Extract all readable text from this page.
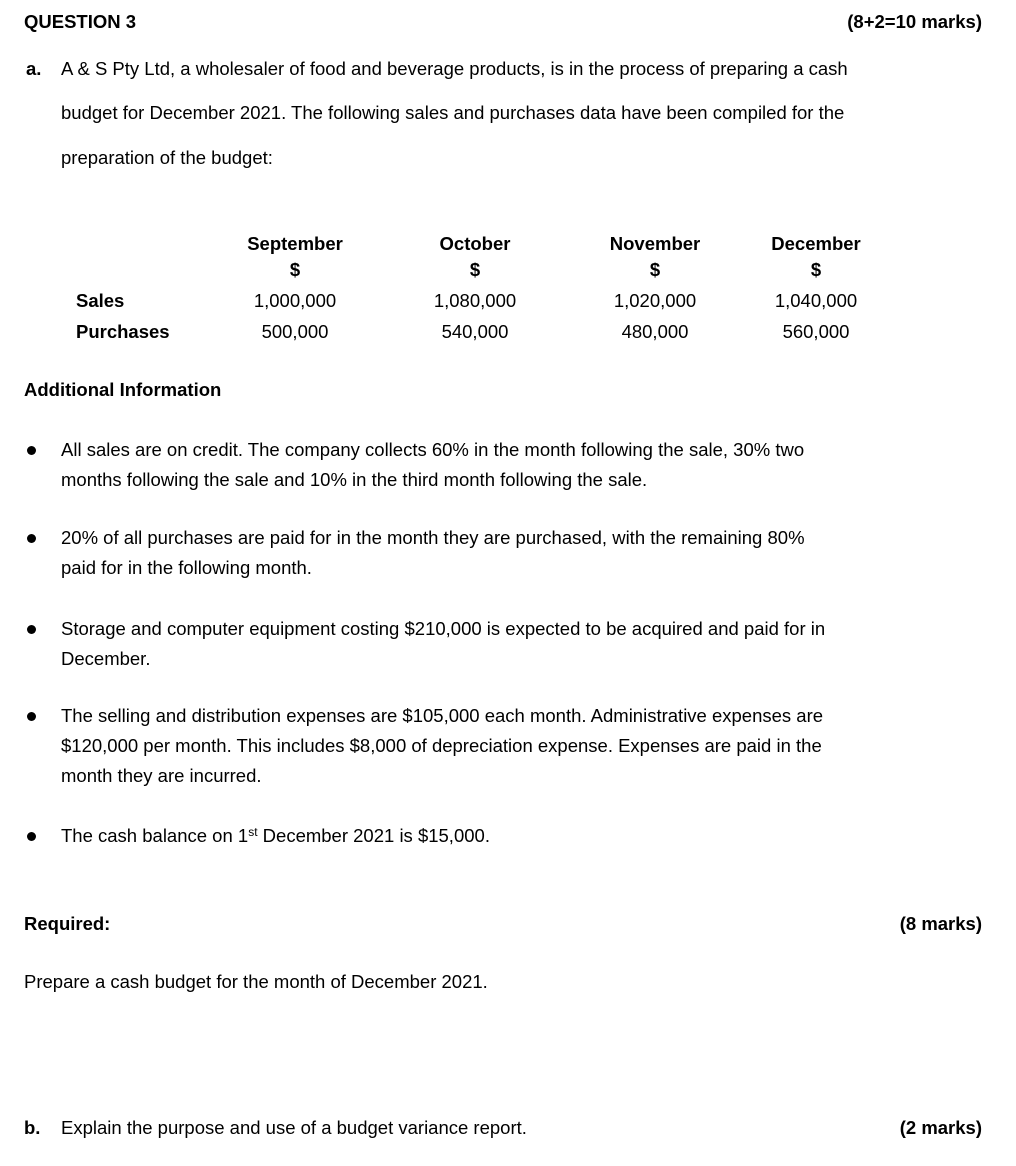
QUESTION 3	(8+2=10 marks)
a. A & S Pty Ltd, a wholesaler of food and beverage products, is in the process of preparing a cash
budget for December 2021. The following sales and purchases data have been compiled for the
preparation of the budget:
September	October	November	December
$	$	$	$
Sales	1,000,000	1,080,000	1,020,000	1,040,000
Purchases	500,000	540,000	480,000	560,000
Additional Information
All sales are on credit. The company collects 60% in the month following the sale, 30% two
months following the sale and 10% in the third month following the sale.
20% of all purchases are paid for in the month they are purchased, with the remaining 80%
paid for in the following month.
Storage and computer equipment costing $210,000 is expected to be acquired and paid for in
December.
The selling and distribution expenses are $105,000 each month. Administrative expenses are
$120,000 per month. This includes $8,000 of depreciation expense. Expenses are paid in the
month they are incurred.
The cash balance on 1st December 2021 is $15,000.
Required:	(8 marks)
Prepare a cash budget for the month of December 2021.
b. Explain the purpose and use of a budget variance report.	(2 marks)
